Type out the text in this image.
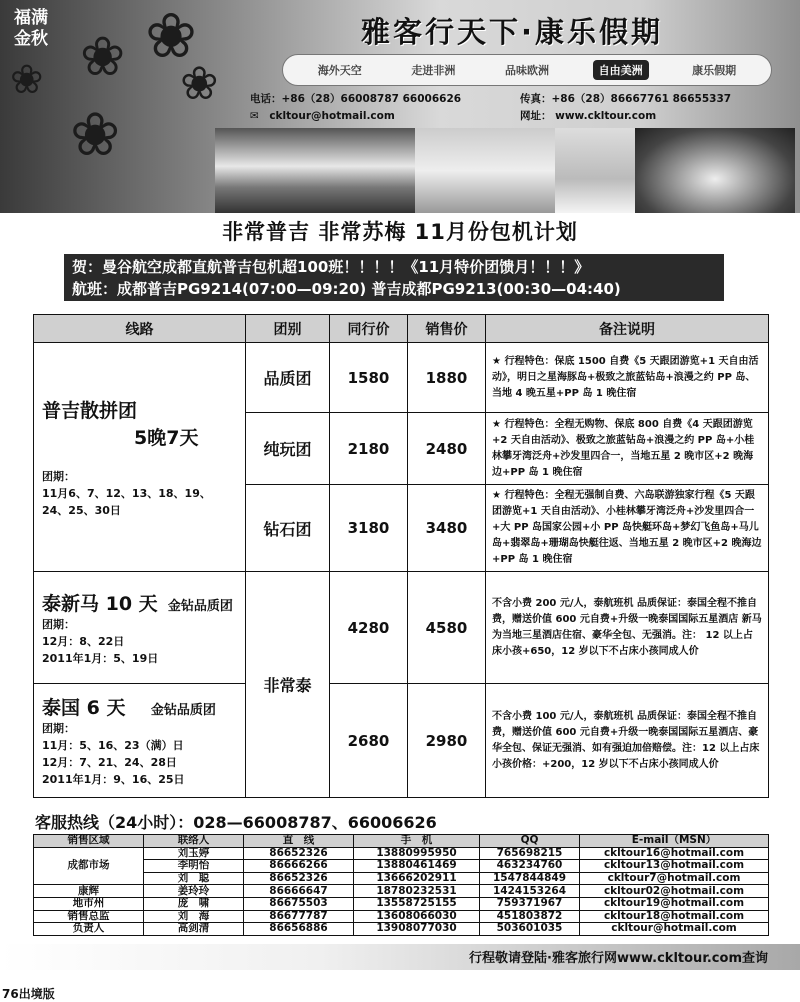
❀ ❀
❀
❀
❀
福满金秋	雅客行天下·康乐假期
海外天空	走进非洲	品味欧洲	自由美洲	康乐假期
电话：+86（28）66008787 66006626	传真：+86（28）86667761 86655337
✉　ckltour@hotmail.com	网址： www.ckltour.com
非常普吉 非常苏梅 11月份包机计划
贺：曼谷航空成都直航普吉包机超100班！！！！《11月特价团馈月！！！》
航班：成都普吉PG9214(07:00—09:20) 普吉成都PG9213(00:30—04:40)
线路	团别	同行价	销售价	备注说明

普吉散拼团
5晚7天
团期：
11月6、7、12、13、18、19、24、25、30日	品质团	1580	1880	★ 行程特色：保底 1500 自费《5 天跟团游览+1 天自由活动》，明日之星海豚岛+极致之旅蓝钻岛+浪漫之约 PP 岛、当地 4 晚五星+PP 岛 1 晚住宿
	纯玩团	2180	2480	★ 行程特色：全程无购物、保底 800 自费《4 天跟团游览+2 天自由活动》、极致之旅蓝钻岛+浪漫之约 PP 岛+小桂林攀牙湾泛舟+沙发里四合一，当地五星 2 晚市区+2 晚海边+PP 岛 1 晚住宿
	钻石团	3180	3480	★ 行程特色：全程无强制自费、六岛联游独家行程《5 天跟团游览+1 天自由活动》、小桂林攀牙湾泛舟+沙发里四合一+大 PP 岛国家公园+小 PP 岛快艇环岛+梦幻飞鱼岛+马儿岛+翡翠岛+珊瑚岛快艇往返、当地五星 2 晚市区+2 晚海边+PP 岛 1 晚住宿

泰新马 10 天 金钻品质团
团期：
12月：8、22日
2011年1月：5、19日	非常泰	4280	4580	不含小费 200 元/人，泰航班机 品质保证：泰国全程不推自费，赠送价值 600 元自费+升级一晚泰国国际五星酒店 新马为当地三星酒店住宿、豪华全包、无强消。注： 12 以上占床小孩+650，12 岁以下不占床小孩同成人价

泰国 6 天 金钻品质团
团期：
11月：5、16、23（满）日
12月：7、21、24、28日
2011年1月：9、16、25日		2680	2980	不含小费 100 元/人，泰航班机 品质保证：泰国全程不推自费，赠送价值 600 元自费+升级一晚泰国国际五星酒店、豪华全包、保证无强消、如有强迫加倍赔偿。注：12 以上占床小孩价格：+200，12 岁以下不占床小孩同成人价
客服热线（24小时）：028—66008787、66006626
销售区域	联络人	直　线	手　机	QQ	E-mail（MSN）
成都市场	刘玉婷	86652326	13880995950	765698215	ckltour16@hotmail.com
	李明怡	86666266	13880461469	463234760	ckltour13@hotmail.com
	刘　聪	86652326	13666202911	1547844849	ckltour7@hotmail.com
康辉	姜玲玲	86666647	18780232531	1424153264	ckltour02@hotmail.com
地市州	庞　啸	86675503	13558725155	759371967	ckltour19@hotmail.com
销售总监	刘　海	86677787	13608066030	451803872	ckltour18@hotmail.com
负责人	高剑清	86656886	13908077030	503601035	ckltour@hotmail.com
行程敬请登陆·雅客旅行网www.ckltour.com查询
76出境版
